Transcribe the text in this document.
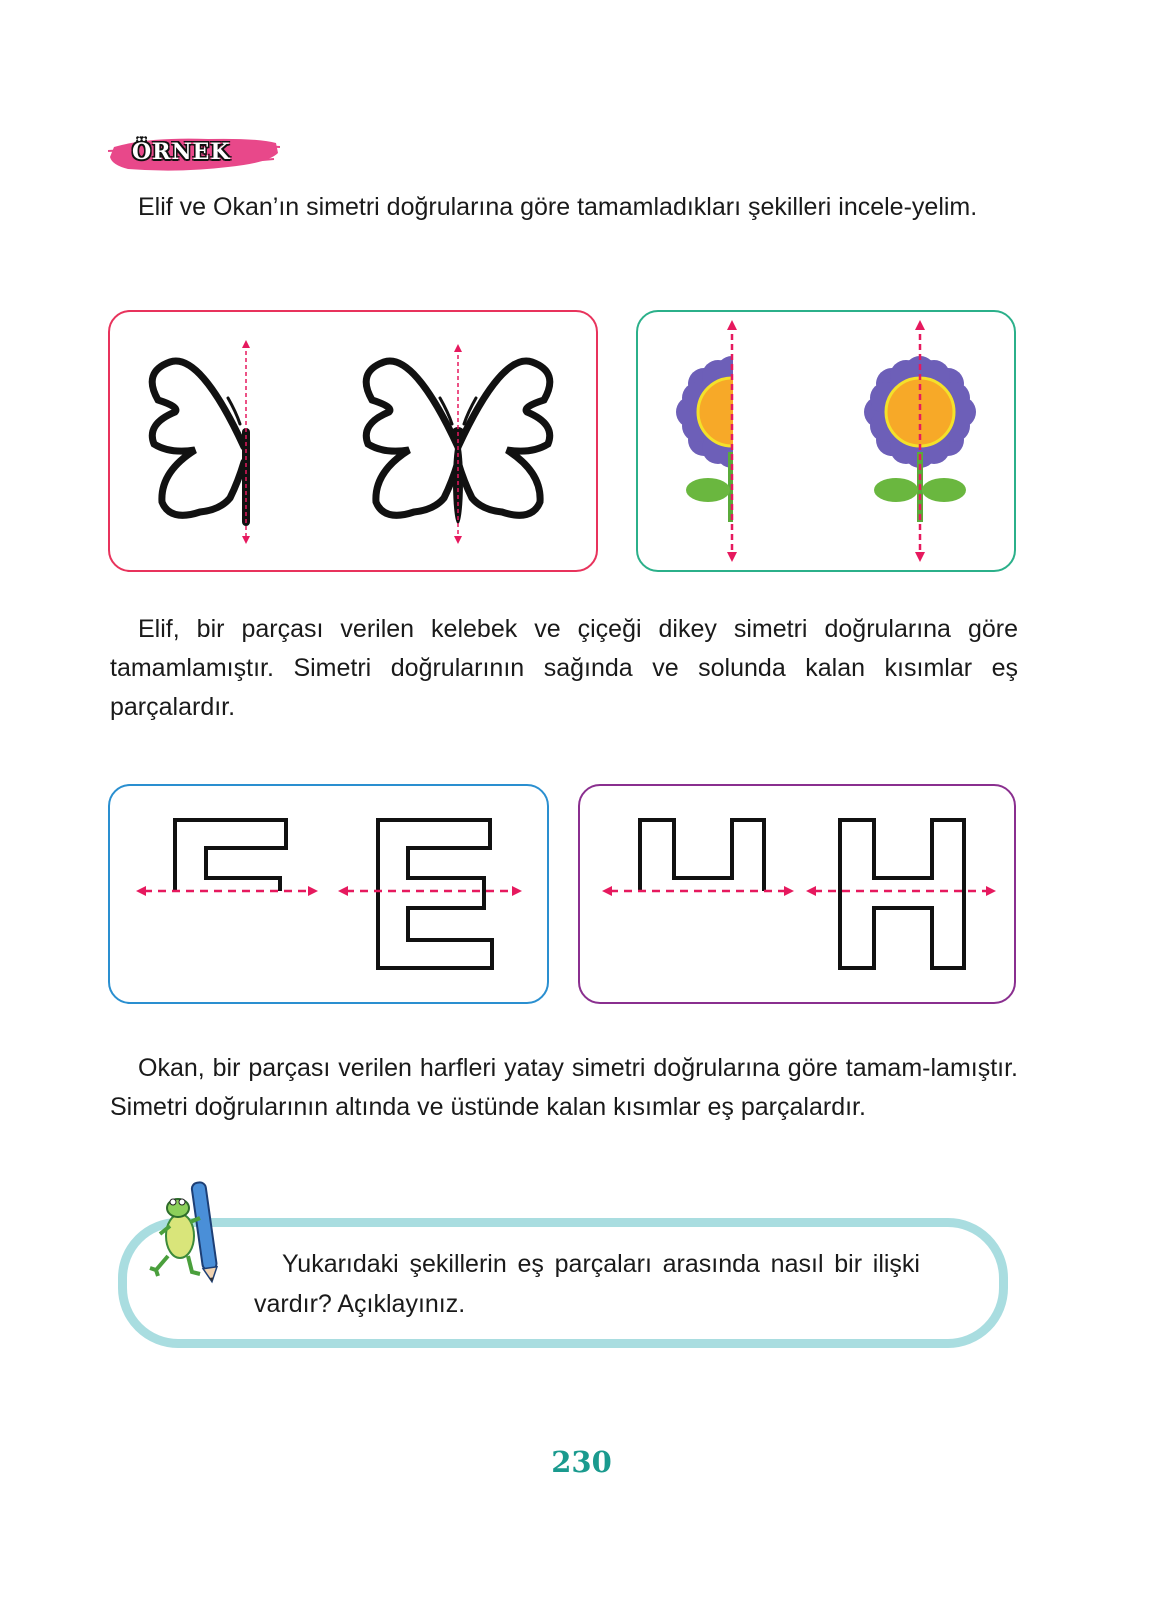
ÖRNEK
Elif ve Okan’ın simetri doğrularına göre tamamladıkları şekilleri incele-yelim.
Elif, bir parçası verilen kelebek ve çiçeği dikey simetri doğrularına göre tamamlamıştır. Simetri doğrularının sağında ve solunda kalan kısımlar eş parçalardır.
Okan, bir parçası verilen harfleri yatay simetri doğrularına göre tamam-lamıştır. Simetri doğrularının altında ve üstünde kalan kısımlar eş parçalardır.
Yukarıdaki şekillerin eş parçaları arasında nasıl bir ilişki vardır? Açıklayınız.
230
